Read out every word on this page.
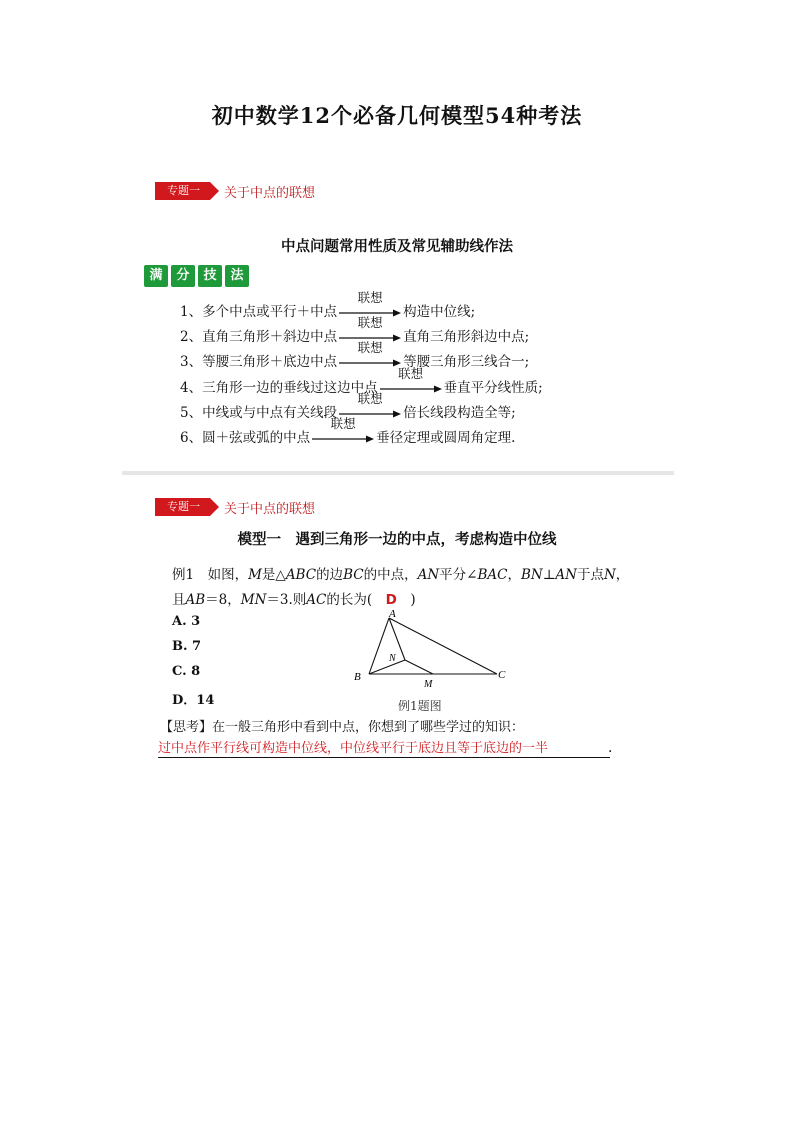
初中数学12个必备几何模型54种考法
专题一	关于中点的联想
中点问题常用性质及常见辅助线作法
满	分	技	法
1、多个中点或平行＋中点
联想
构造中位线;
2、直角三角形＋斜边中点
联想
直角三角形斜边中点;
3、等腰三角形＋底边中点
联想
等腰三角形三线合一;
4、三角形一边的垂线过这边中点
联想
垂直平分线性质;
5、中线或与中点有关线段
联想
倍长线段构造全等;
6、圆＋弦或弧的中点
联想
垂径定理或圆周角定理.
专题一	关于中点的联想
模型一　遇到三角形一边的中点，考虑构造中位线
例1　如图，M是△ABC的边BC的中点，AN平分∠BAC，BN⊥AN于点N，
且AB＝8，MN＝3.则AC的长为(　 D　 )
A. 3
B. 7
C. 8
D．14
A
B	C
N
M
例1题图
【思考】在一般三角形中看到中点，你想到了哪些学过的知识：
过中点作平行线可构造中位线，中位线平行于底边且等于底边的一半	.
